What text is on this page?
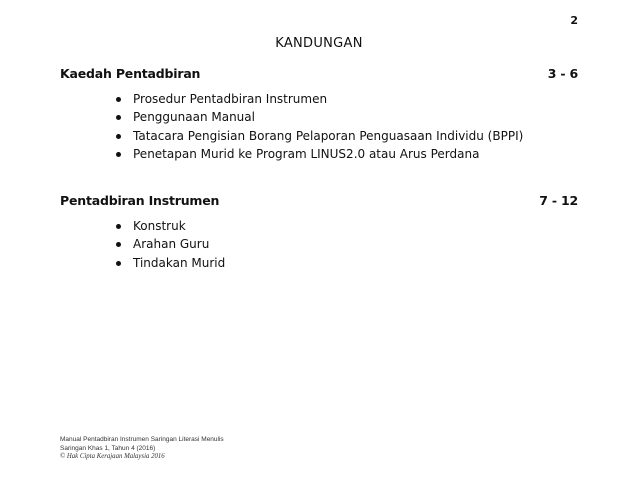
2
KANDUNGAN
Kaedah Pentadbiran	3 - 6
Prosedur Pentadbiran Instrumen
Penggunaan Manual
Tatacara Pengisian Borang Pelaporan Penguasaan Individu (BPPI)
Penetapan Murid ke Program LINUS2.0 atau Arus Perdana
Pentadbiran Instrumen	7 - 12
Konstruk
Arahan Guru
Tindakan Murid
Manual Pentadbiran Instrumen Saringan Literasi Menulis
Saringan Khas 1, Tahun 4 (2016)
© Hak Cipta Kerajaan Malaysia 2016
